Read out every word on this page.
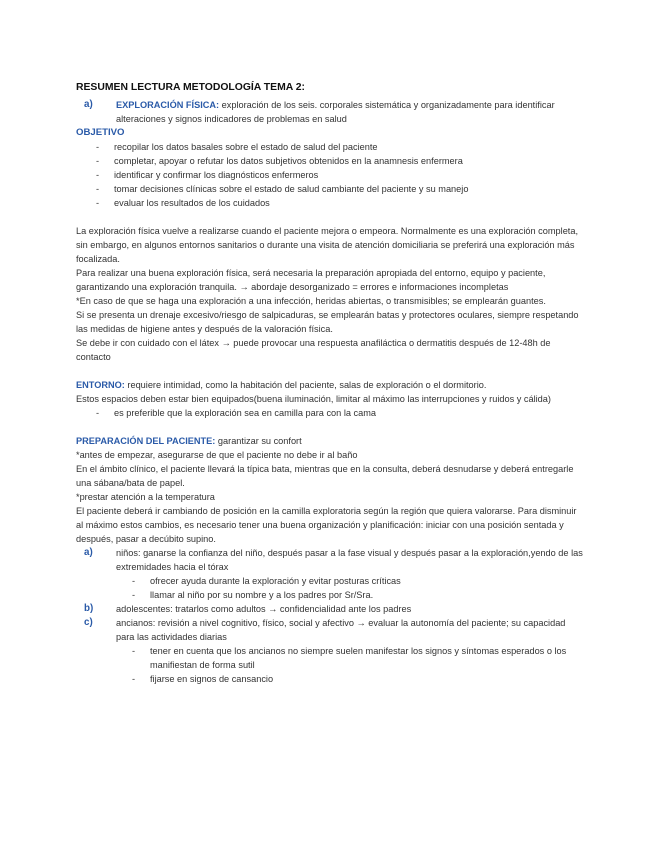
RESUMEN LECTURA METODOLOGÍA TEMA 2:
a)	EXPLORACIÓN FÍSICA: exploración de los seis. corporales sistemática y organizadamente para identificar alteraciones y signos indicadores de problemas en salud
OBJETIVO
-	recopilar los datos basales sobre el estado de salud del paciente
-	completar, apoyar o refutar los datos subjetivos obtenidos en la anamnesis enfermera
-	identificar y confirmar los diagnósticos enfermeros
-	tomar decisiones clínicas sobre el estado de salud cambiante del paciente y su manejo
-	evaluar los resultados de los cuidados

La exploración física vuelve a realizarse cuando el paciente mejora o empeora. Normalmente es una exploración completa, sin embargo, en algunos entornos sanitarios o durante una visita de atención domiciliaria se preferirá una exploración más focalizada.

Para realizar una buena exploración física, será necesaria la preparación apropiada del entorno, equipo y paciente, garantizando una exploración tranquila. → abordaje desorganizado = errores e informaciones incompletas

*En caso de que se haga una exploración a una infección, heridas abiertas, o transmisibles; se emplearán guantes.

Si se presenta un drenaje excesivo/riesgo de salpicaduras, se emplearán batas y protectores oculares, siempre respetando las medidas de higiene antes y después de la valoración física.

Se debe ir con cuidado con el látex → puede provocar una respuesta anafiláctica o dermatitis después de 12-48h de contacto

ENTORNO: requiere intimidad, como la habitación del paciente, salas de exploración o el dormitorio.

Estos espacios deben estar bien equipados(buena iluminación, limitar al máximo las interrupciones y ruidos y cálida)

-	es preferible que la exploración sea en camilla para con la cama

PREPARACIÓN DEL PACIENTE: garantizar su confort

*antes de empezar, asegurarse de que el paciente no debe ir al baño

En el ámbito clínico, el paciente llevará la típica bata, mientras que en la consulta, deberá desnudarse y deberá entregarle una sábana/bata de papel.

*prestar atención a la temperatura

El paciente deberá ir cambiando de posición en la camilla exploratoria según la región que quiera valorarse. Para disminuir al máximo estos cambios, es necesario tener una buena organización y planificación: iniciar con una posición sentada y después, pasar a decúbito supino.

a)	niños: ganarse la confianza del niño, después pasar a la fase visual y después pasar a la exploración,yendo de las extremidades hacia el tórax
-	ofrecer ayuda durante la exploración y evitar posturas críticas
-	llamar al niño por su nombre y a los padres por Sr/Sra.
b)	adolescentes: tratarlos como adultos → confidencialidad ante los padres
c)	ancianos: revisión a nivel cognitivo, físico, social y afectivo → evaluar la autonomía del paciente; su capacidad para las actividades diarias
-	tener en cuenta que los ancianos no siempre suelen manifestar los signos y síntomas esperados o los manifiestan de forma sutil
-	fijarse en signos de cansancio
